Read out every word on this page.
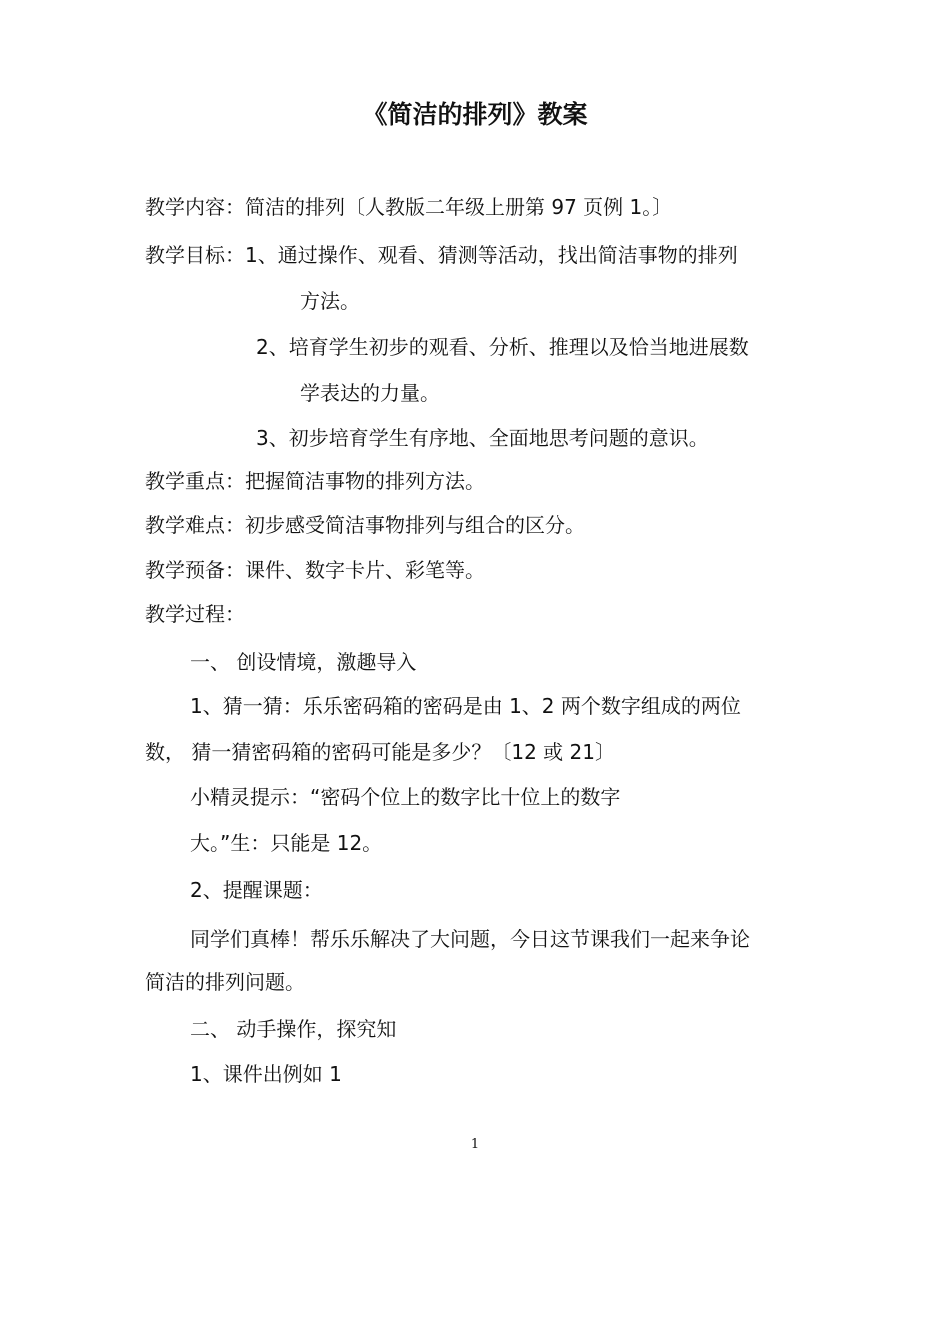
《简洁的排列》教案
教学内容：简洁的排列〔人教版二年级上册第 97 页例 1。〕
教学目标：1、通过操作、观看、猜测等活动，找出简洁事物的排列
方法。
2、培育学生初步的观看、分析、推理以及恰当地进展数
学表达的力量。
3、初步培育学生有序地、全面地思考问题的意识。
教学重点：把握简洁事物的排列方法。
教学难点：初步感受简洁事物排列与组合的区分。
教学预备：课件、数字卡片、彩笔等。
教学过程：
一、 创设情境，激趣导入
1、猜一猜：乐乐密码箱的密码是由 1、2 两个数字组成的两位
数， 猜一猜密码箱的密码可能是多少？〔12 或 21〕
小精灵提示：“密码个位上的数字比十位上的数字
大。”生：只能是 12。
2、提醒课题：
同学们真棒！帮乐乐解决了大问题，今日这节课我们一起来争论
简洁的排列问题。
二、 动手操作，探究知
1、课件出例如 1
1
